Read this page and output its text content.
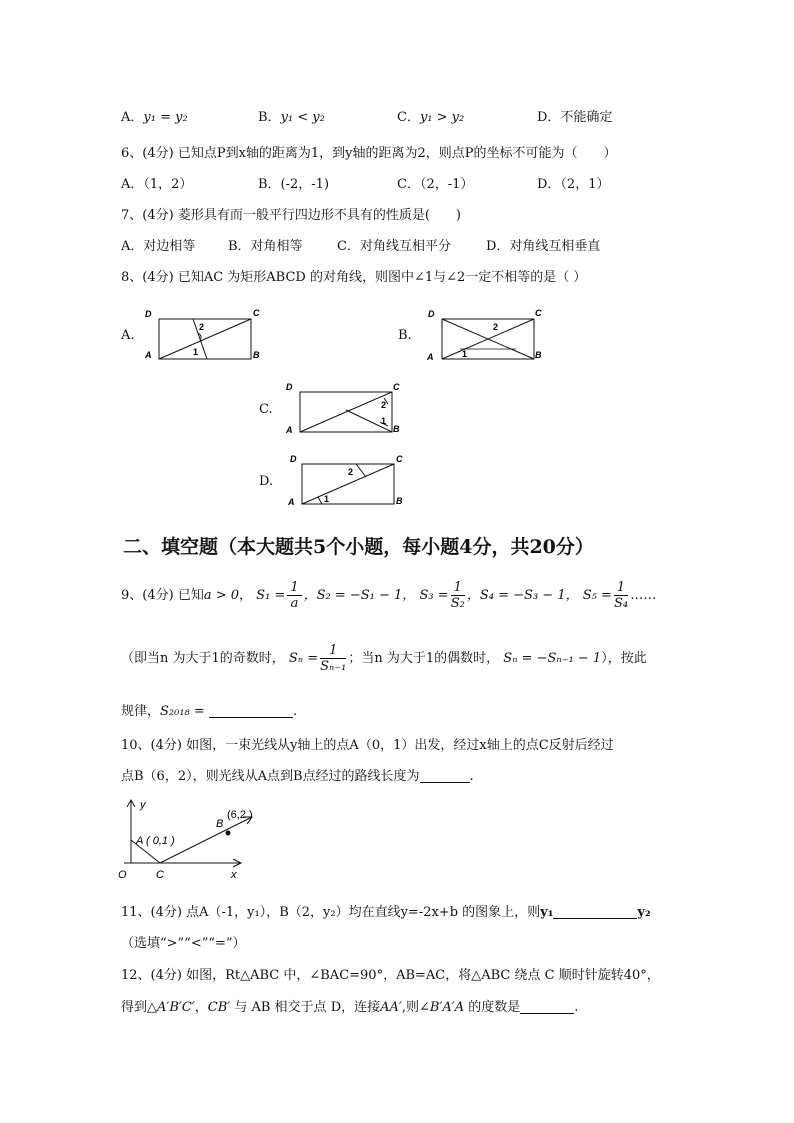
A．y₁ = y₂	B．y₁ < y₂	C．y₁ > y₂	D．不能确定
6、(4分) 已知点P到x轴的距离为1，到y轴的距离为2，则点P的坐标不可能为（　　）
A．（1，2）	B．(-2，-1)	C．（2，-1）	D．（2，1）
7、(4分) 菱形具有而一般平行四边形不具有的性质是(　　)
A．对边相等	B．对角相等	C．对角线互相平分	D．对角线互相垂直
8、(4分) 已知AC 为矩形ABCD 的对角线，则图中∠1与∠2一定不相等的是（ ）
A.	B.
C.
D.
D	C
A	B
2
1
D	C
A	B
2
1
D	C
A	B
2
1
D	C
A	B
2
1
二、填空题（本大题共5个小题，每小题4分，共20分）
9、(4分) 已知a > 0， $S_1 = \frac{1}{a}$ ，S₂ = −S₁ − 1， $S_3 = \frac{1}{\text{S₂}}$ ，S₄ = −S₃ − 1， $S_5 = \frac{1}{\text{S₄}}$ ……
（即当n 为大于1的奇数时， $S_n = \frac{1}{\text{Sₙ₋₁}}$ ；当n 为大于1的偶数时， Sₙ = −Sₙ₋₁ − 1），按此
规律，S₂₀₁₈ =	.
10、(4分) 如图，一束光线从y轴上的点A（0，1）出发，经过x轴上的点C反射后经过
点B（6，2），则光线从A点到B点经过的路线长度为	.
y
x
O	C
A ( 0,1 )
B
(6,2 )
11、(4分) 点A（-1，y₁），B（2，y₂）均在直线y=-2x+b 的图象上，则y₁	y₂
（选填“>”“<”“=”）
12、(4分) 如图，Rt△ABC 中，∠BAC=90°，AB=AC，将△ABC 绕点 C 顺时针旋转40°，
得到△A′B′C′，CB′ 与 AB 相交于点 D，连接AA′,则∠B′A′A 的度数是	.
